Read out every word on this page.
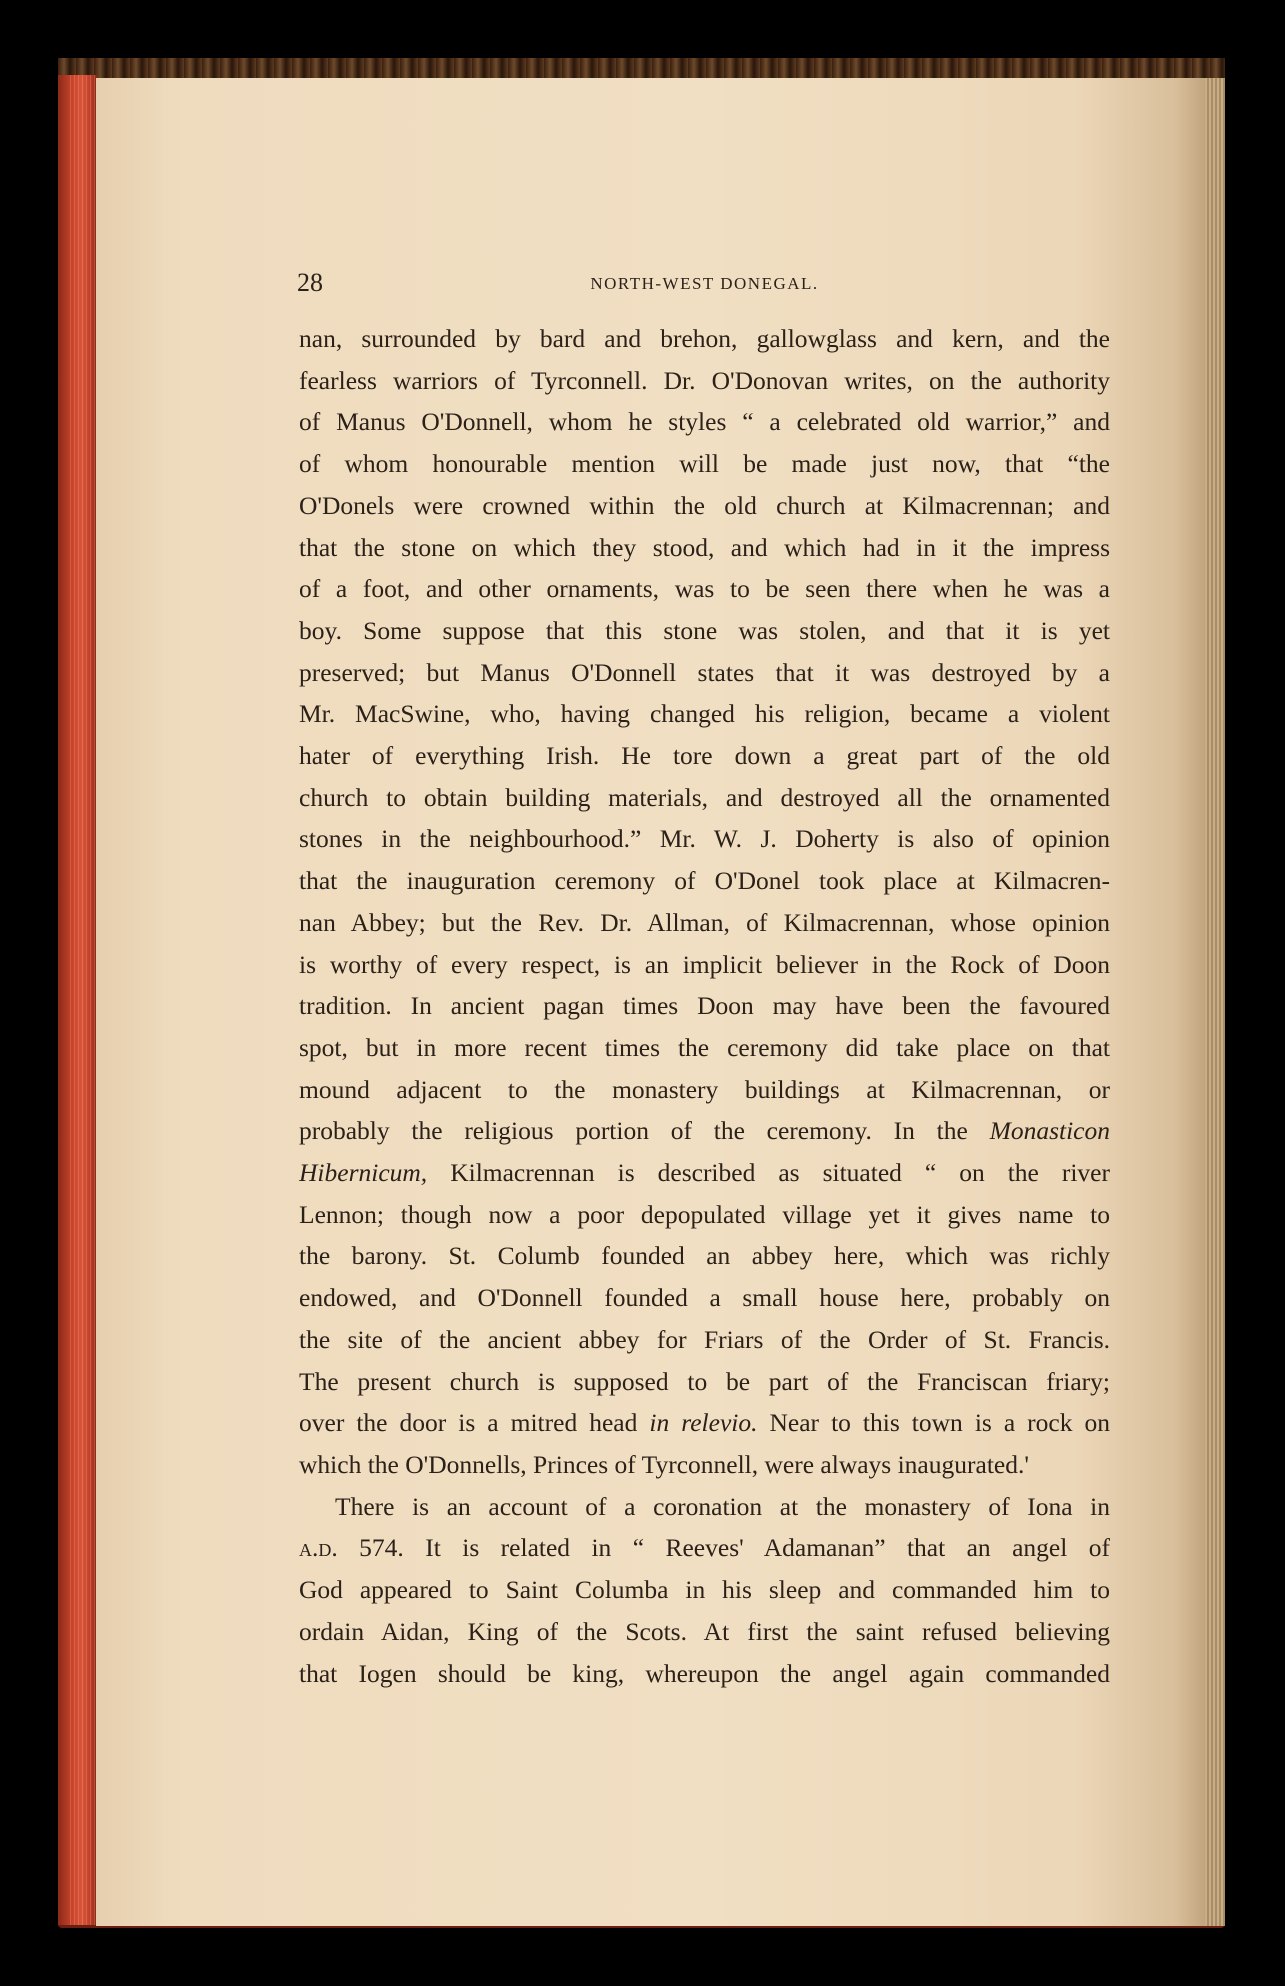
28	NORTH-WEST DONEGAL.
nan, surrounded by bard and brehon, gallowglass and kern, and the
fearless warriors of Tyrconnell. Dr. O'Donovan writes, on the authority
of Manus O'Donnell, whom he styles “ a celebrated old warrior,” and
of whom honourable mention will be made just now, that “the
O'Donels were crowned within the old church at Kilmacrennan; and
that the stone on which they stood, and which had in it the impress
of a foot, and other ornaments, was to be seen there when he was a
boy. Some suppose that this stone was stolen, and that it is yet
preserved; but Manus O'Donnell states that it was destroyed by a
Mr. MacSwine, who, having changed his religion, became a violent
hater of everything Irish. He tore down a great part of the old
church to obtain building materials, and destroyed all the ornamented
stones in the neighbourhood.” Mr. W. J. Doherty is also of opinion
that the inauguration ceremony of O'Donel took place at Kilmacren-
nan Abbey; but the Rev. Dr. Allman, of Kilmacrennan, whose opinion
is worthy of every respect, is an implicit believer in the Rock of Doon
tradition. In ancient pagan times Doon may have been the favoured
spot, but in more recent times the ceremony did take place on that
mound adjacent to the monastery buildings at Kilmacrennan, or
probably the religious portion of the ceremony. In the Monasticon
Hibernicum, Kilmacrennan is described as situated “ on the river
Lennon; though now a poor depopulated village yet it gives name to
the barony. St. Columb founded an abbey here, which was richly
endowed, and O'Donnell founded a small house here, probably on
the site of the ancient abbey for Friars of the Order of St. Francis.
The present church is supposed to be part of the Franciscan friary;
over the door is a mitred head in relevio. Near to this town is a rock on
which the O'Donnells, Princes of Tyrconnell, were always inaugurated.'
There is an account of a coronation at the monastery of Iona in
a.d. 574. It is related in “ Reeves' Adamanan” that an angel of
God appeared to Saint Columba in his sleep and commanded him to
ordain Aidan, King of the Scots. At first the saint refused believing
that Iogen should be king, whereupon the angel again commanded
